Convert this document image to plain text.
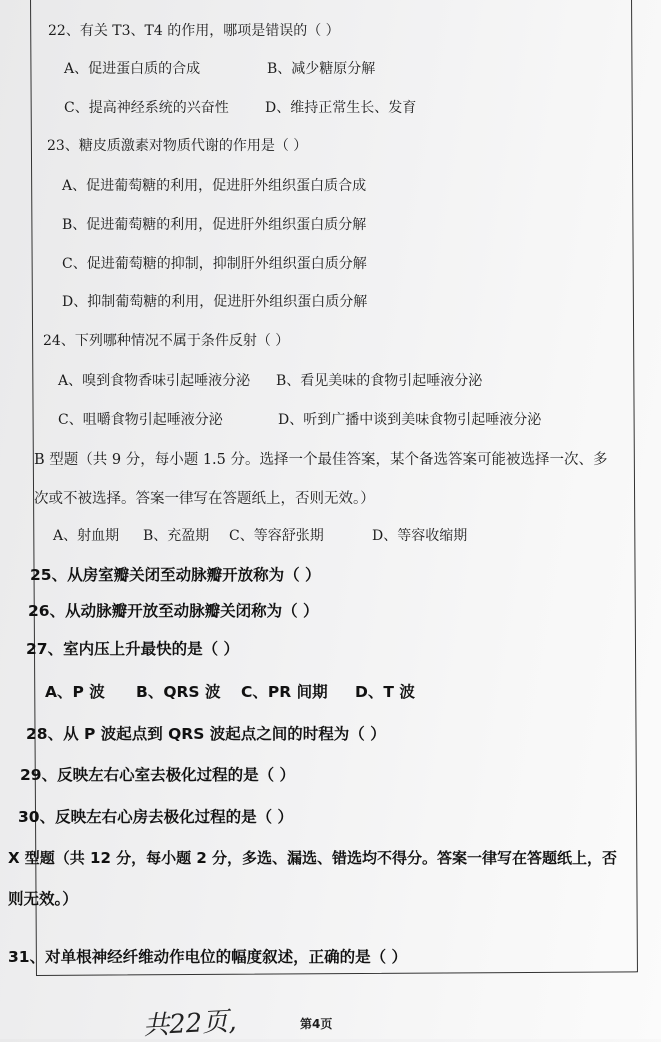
22、有关 T3、T4 的作用，哪项是错误的（ ）
A、促进蛋白质的合成	B、减少糖原分解
C、提高神经系统的兴奋性	D、维持正常生长、发育
23、糖皮质激素对物质代谢的作用是（ ）
A、促进葡萄糖的利用，促进肝外组织蛋白质合成
B、促进葡萄糖的利用，促进肝外组织蛋白质分解
C、促进葡萄糖的抑制，抑制肝外组织蛋白质分解
D、抑制葡萄糖的利用，促进肝外组织蛋白质分解
24、下列哪种情况不属于条件反射（ ）
A、嗅到食物香味引起唾液分泌 B、看见美味的食物引起唾液分泌
C、咀嚼食物引起唾液分泌	D、听到广播中谈到美味食物引起唾液分泌
B 型题（共 9 分，每小题 1.5 分。选择一个最佳答案，某个备选答案可能被选择一次、多
次或不被选择。答案一律写在答题纸上，否则无效。）
A、射血期 B、充盈期 C、等容舒张期	D、等容收缩期
25、从房室瓣关闭至动脉瓣开放称为（ ）
26、从动脉瓣开放至动脉瓣关闭称为（ ）
27、室内压上升最快的是（ ）
A、P 波 B、QRS 波 C、PR 间期 D、T 波
28、从 P 波起点到 QRS 波起点之间的时程为（ ）
29、反映左右心室去极化过程的是（ ）
30、反映左右心房去极化过程的是（ ）
X 型题（共 12 分，每小题 2 分，多选、漏选、错选均不得分。答案一律写在答题纸上，否
则无效。）
31、对单根神经纤维动作电位的幅度叙述，正确的是（ ）
共22页,	第4页
